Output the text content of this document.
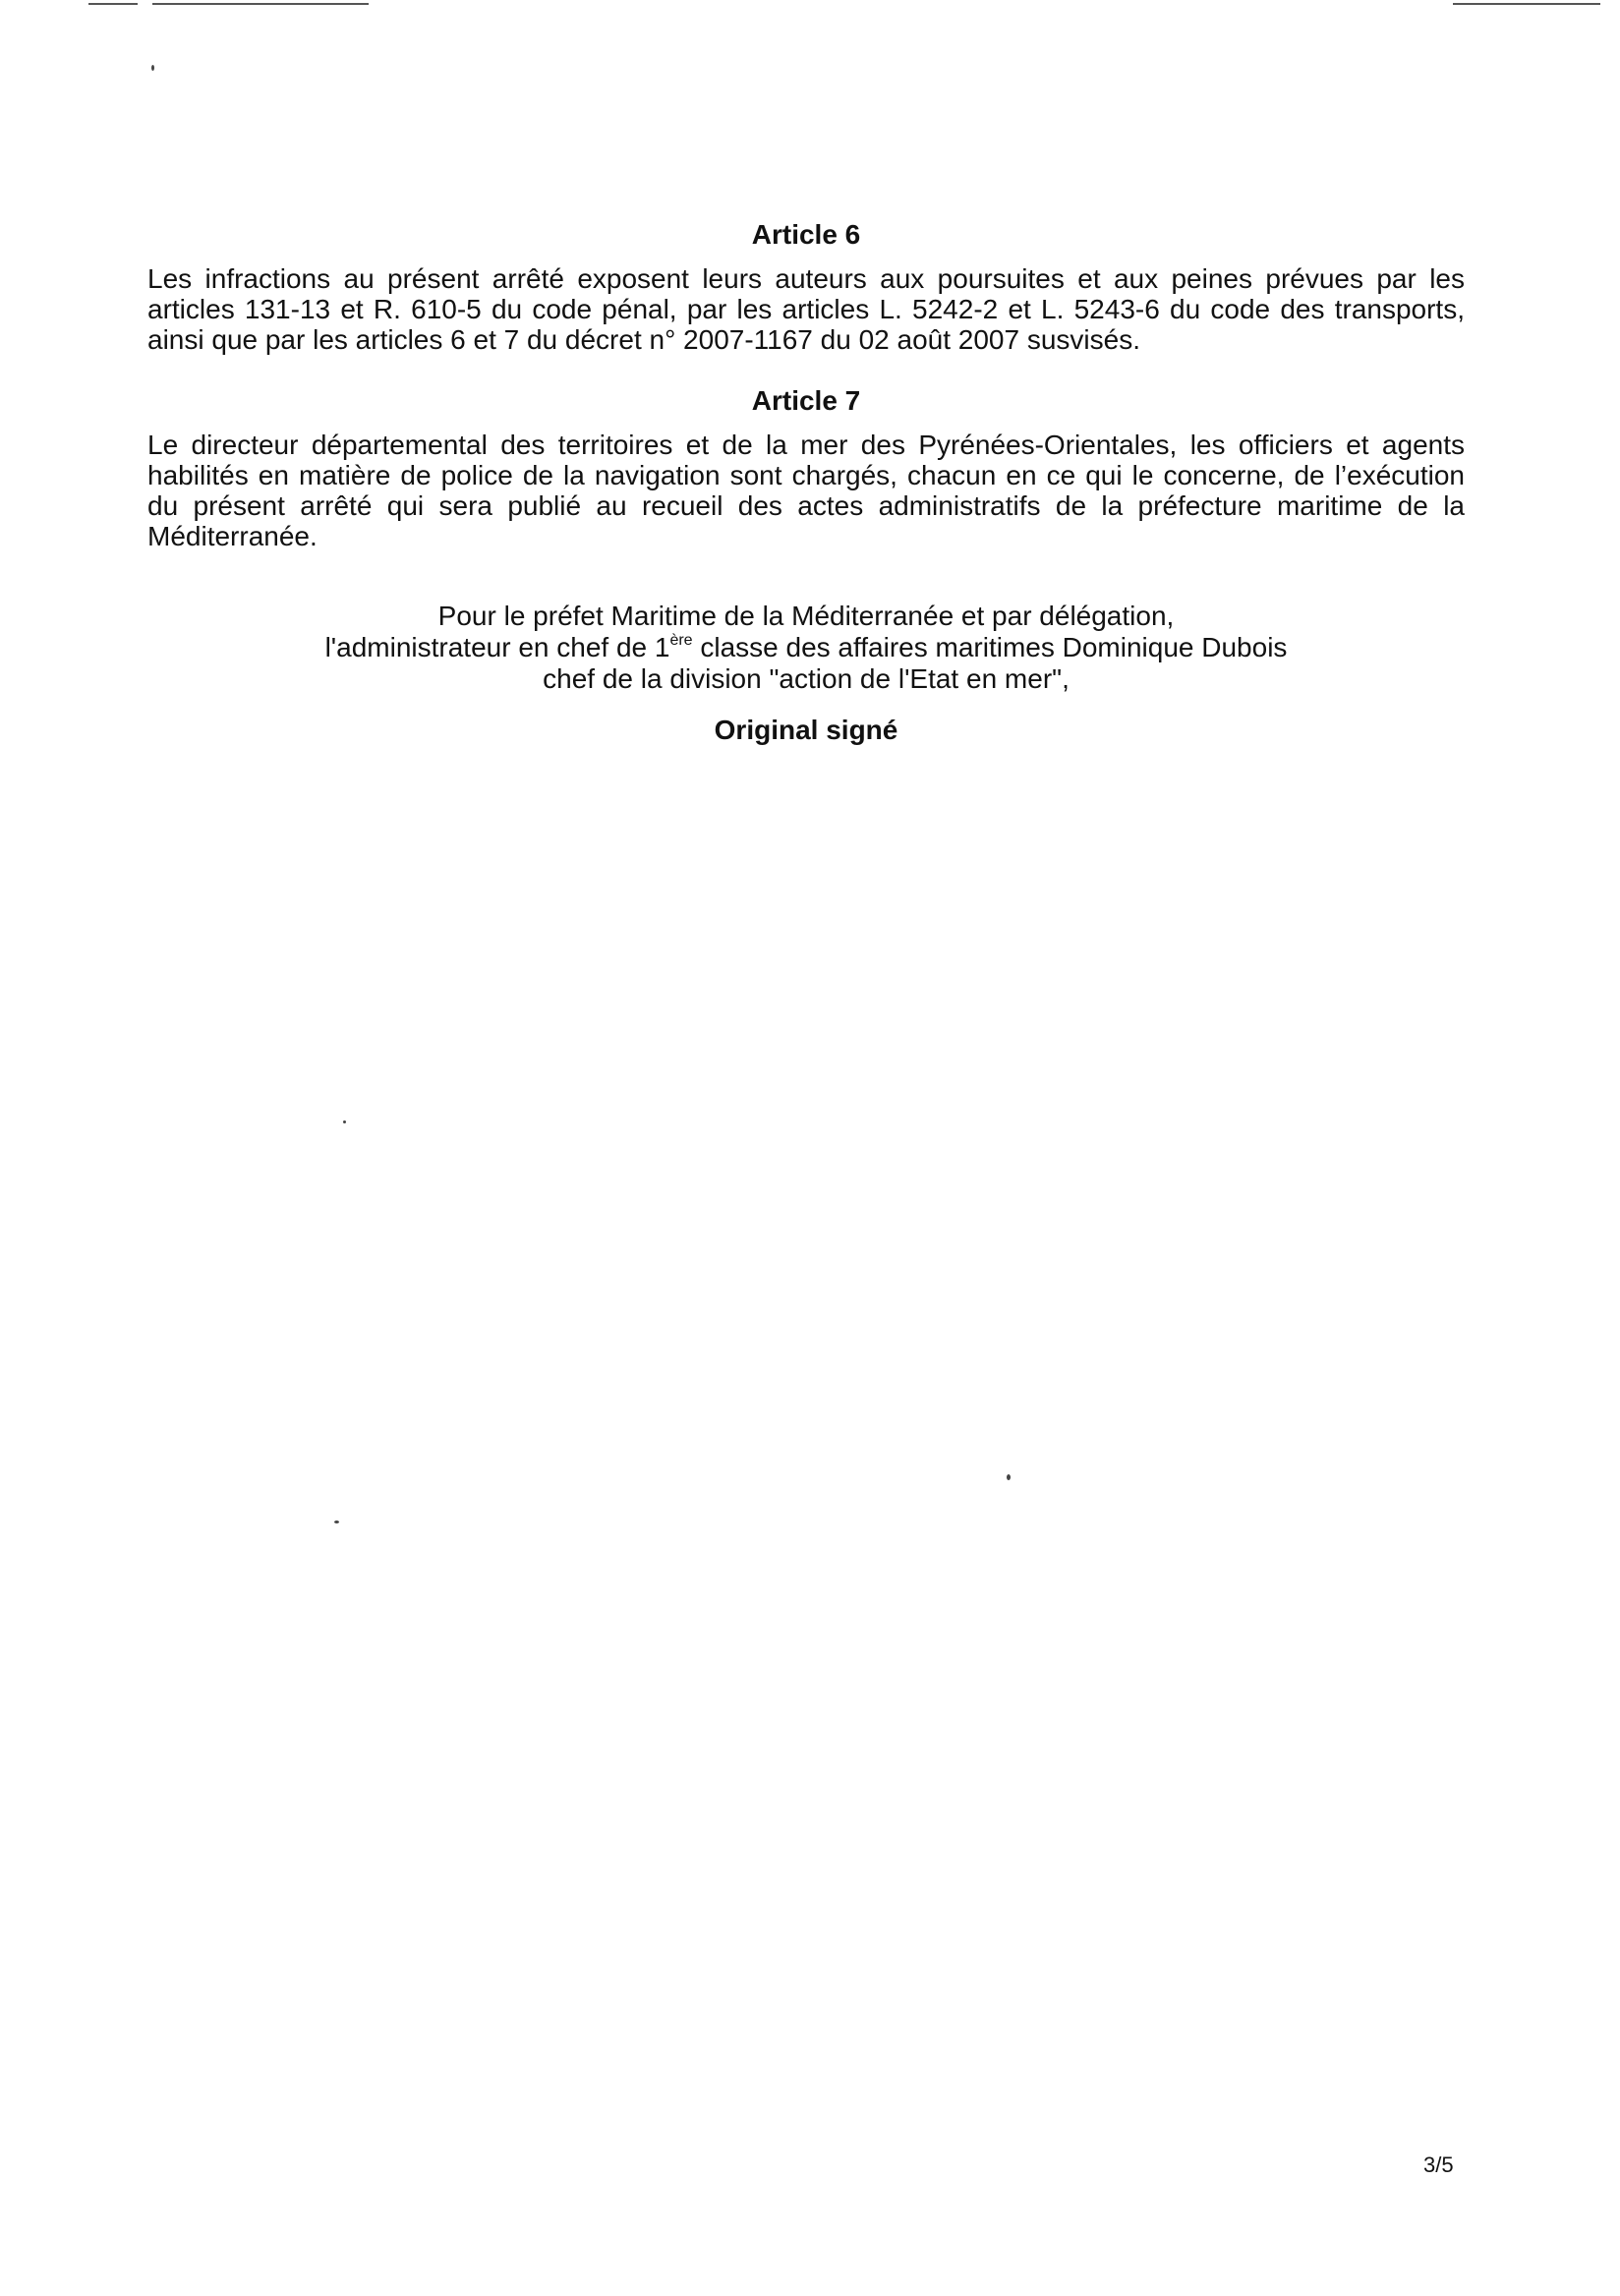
Article 6

Les infractions au présent arrêté exposent leurs auteurs aux poursuites et aux peines prévues par les articles 131-13 et R. 610-5 du code pénal, par les articles L. 5242-2 et L. 5243-6 du code des transports, ainsi que par les articles 6 et 7 du décret n° 2007-1167 du 02 août 2007 susvisés.

Article 7

Le directeur départemental des territoires et de la mer des Pyrénées-Orientales, les officiers et agents habilités en matière de police de la navigation sont chargés, chacun en ce qui le concerne, de l’exécution du présent arrêté qui sera publié au recueil des actes administratifs de la préfecture maritime de la Méditerranée.

Pour le préfet Maritime de la Méditerranée et par délégation,
l'administrateur en chef de 1ère classe des affaires maritimes Dominique Dubois
chef de la division "action de l'Etat en mer",
Original signé
3/5
